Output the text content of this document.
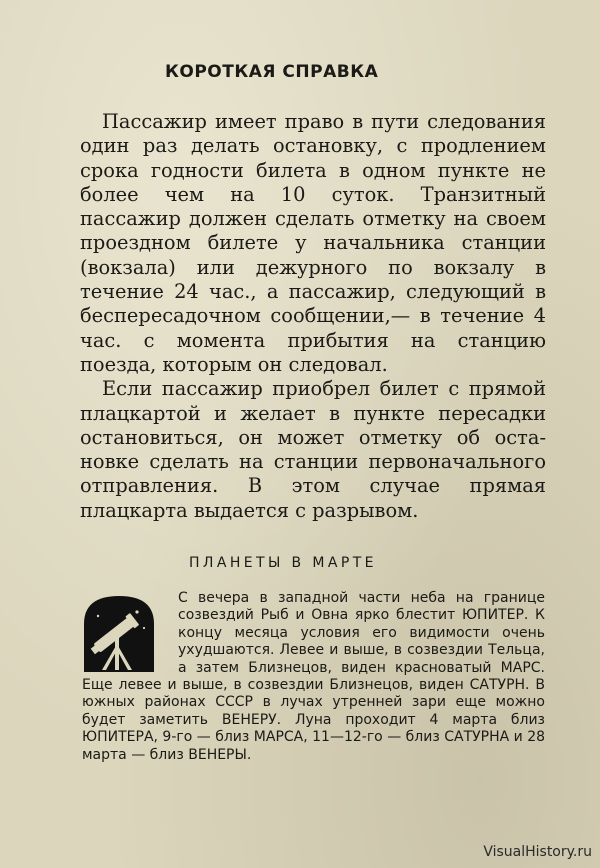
КОРОТКАЯ СПРАВКА

Пассажир имеет право в пути следования один раз делать остановку, с продлением срока годности билета в одном пункте не более чем на 10 суток. Транзитный пассажир должен сделать отметку на своем проездном билете у начальника станции (вокзала) или дежурного по вокзалу в течение 24 час., а пассажир, следующий в беспересадочном сообщении,— в течение 4 час. с момента прибытия на станцию поезда, которым он следовал.

Если пассажир приобрел билет с прямой плацкартой и желает в пункте пересадки остановиться, он может отметку об остановке сделать на станции первоначального отправления. В этом случае прямая плацкарта выдается с разрывом.

ПЛАНЕТЫ В МАРТЕ
С вечера в западной части неба на границе созвездий Рыб и Овна ярко блестит ЮПИТЕР. К концу месяца условия его видимости очень ухудшаются. Левее и выше, в созвездии Тельца, а затем Близнецов, виден красноватый МАРС. Еще левее и выше, в созвездии Близнецов, виден САТУРН. В южных районах СССР в лучах утренней зари еще можно будет заметить ВЕНЕРУ. Луна проходит 4 марта близ ЮПИТЕРА, 9-го — близ МАРСА, 11—12-го — близ САТУРНА и 28 марта — близ ВЕНЕРЫ.
VisualHistory.ru
